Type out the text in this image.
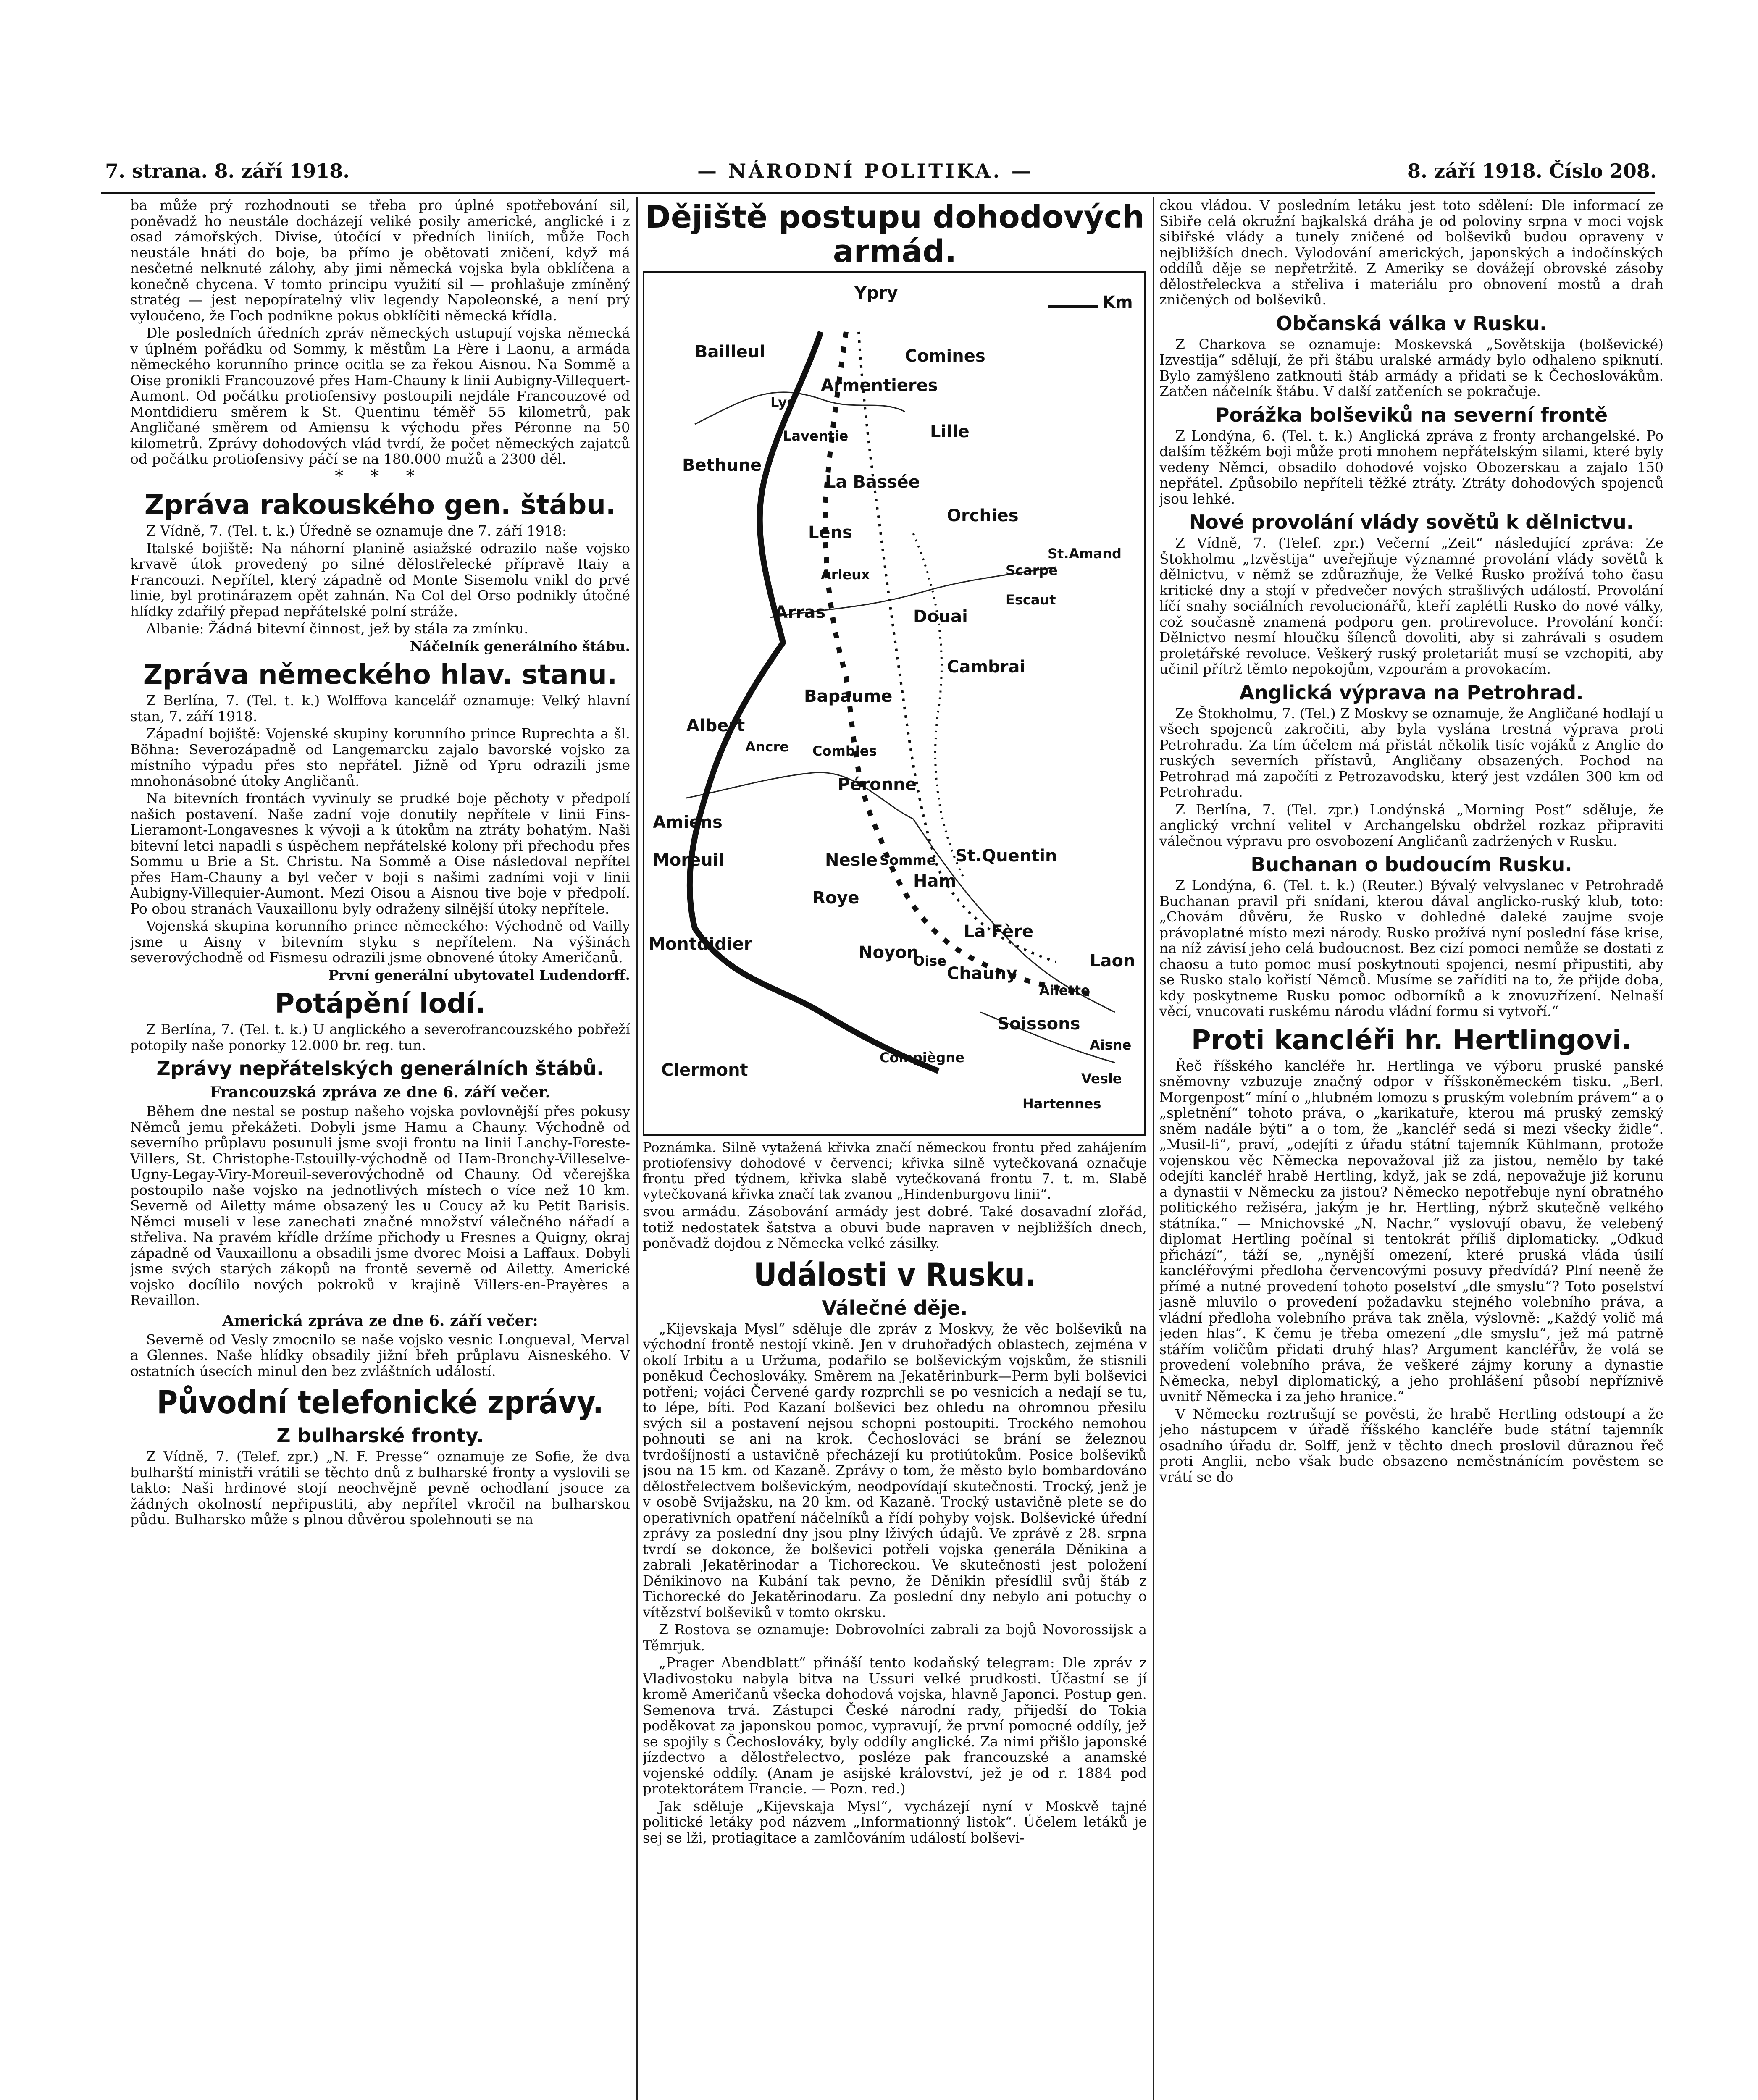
7. strana. 8. září 1918.	— NÁRODNÍ POLITIKA. —	8. září 1918. Číslo 208.

ba může prý rozhodnouti se třeba pro úplné spotřebování sil, poněvadž ho neustále docházejí veliké posily americké, anglické i z osad zámořských. Divise, útočící v předních liniích, může Foch neustále hnáti do boje, ba přímo je obětovati zničení, když má nesčetné nelknuté zálohy, aby jimi německá vojska byla obklíčena a konečně chycena. V tomto principu využití sil — prohlašuje zmíněný stratég — jest nepopíratelný vliv legendy Napoleonské, a není prý vyloučeno, že Foch podnikne pokus obklíčiti německá křídla.

Dle posledních úředních zpráv německých ustupují vojska německá v úplném pořádku od Sommy, k městům La Fère i Laonu, a armáda německého korunního prince ocitla se za řekou Aisnou. Na Sommě a Oise pronikli Francouzové přes Ham-Chauny k linii Aubigny-Villequert-Aumont. Od počátku protiofensivy postoupili nejdále Francouzové od Montdidieru směrem k St. Quentinu téměř 55 kilometrů, pak Angličané směrem od Amiensu k východu přes Péronne na 50 kilometrů. Zprávy dohodových vlád tvrdí, že počet německých zajatců od počátku protiofensivy páčí se na 180.000 mužů a 2300 děl.

* * *
Zpráva rakouského gen. štábu.

Z Vídně, 7. (Tel. t. k.) Úředně se oznamuje dne 7. září 1918:

Italské bojiště: Na náhorní planině asiažské odrazilo naše vojsko krvavě útok provedený po silné dělostřelecké přípravě Itaiy a Francouzi. Nepřítel, který západně od Monte Sisemolu vnikl do prvé linie, byl protinárazem opět zahnán. Na Col del Orso podnikly útočné hlídky zdařilý přepad nepřátelské polní stráže.

Albanie: Žádná bitevní činnost, jež by stála za zmínku.

Náčelník generálního štábu.

Zpráva německého hlav. stanu.

Z Berlína, 7. (Tel. t. k.) Wolffova kancelář oznamuje: Velký hlavní stan, 7. září 1918.

Západní bojiště: Vojenské skupiny korunního prince Ruprechta a šl. Böhna: Severozápadně od Langemarcku zajalo bavorské vojsko za místního výpadu přes sto nepřátel. Jižně od Ypru odrazili jsme mnohonásobné útoky Angličanů.

Na bitevních frontách vyvinuly se prudké boje pěchoty v předpolí našich postavení. Naše zadní voje donutily nepřítele v linii Fins-Lieramont-Longavesnes k vývoji a k útokům na ztráty bohatým. Naši bitevní letci napadli s úspěchem nepřátelské kolony při přechodu přes Sommu u Brie a St. Christu. Na Sommě a Oise následoval nepřítel přes Ham-Chauny a byl večer v boji s našimi zadními voji v linii Aubigny-Villequier-Aumont. Mezi Oisou a Aisnou tive boje v předpolí. Po obou stranách Vauxaillonu byly odraženy silnější útoky nepřítele.

Vojenská skupina korunního prince německého: Východně od Vailly jsme u Aisny v bitevním styku s nepřítelem. Na výšinách severovýchodně od Fismesu odrazili jsme obnovené útoky Američanů.

První generální ubytovatel Ludendorff.

Potápění lodí.

Z Berlína, 7. (Tel. t. k.) U anglického a severofrancouzského pobřeží potopily naše ponorky 12.000 br. reg. tun.

Zprávy nepřátelských generálních štábů.
Francouzská zpráva ze dne 6. září večer.

Během dne nestal se postup našeho vojska povlovnější přes pokusy Němců jemu překážeti. Dobyli jsme Hamu a Chauny. Východně od severního průplavu posunuli jsme svoji frontu na linii Lanchy-Foreste-Villers, St. Christophe-Estouilly-východně od Ham-Bronchy-Villeselve-Ugny-Legay-Viry-Moreuil-severovýchodně od Chauny. Od včerejška postoupilo naše vojsko na jednotlivých místech o více než 10 km. Severně od Ailetty máme obsazený les u Coucy až ku Petit Barisis. Němci museli v lese zanechati značné množství válečného nářadí a střeliva. Na pravém křídle držíme přichody u Fresnes a Quigny, okraj západně od Vauxaillonu a obsadili jsme dvorec Moisi a Laffaux. Dobyli jsme svých starých zákopů na frontě severně od Ailetty. Americké vojsko docílilo nových pokroků v krajině Villers-en-Prayères a Revaillon.

Americká zpráva ze dne 6. září večer:

Severně od Vesly zmocnilo se naše vojsko vesnic Longueval, Merval a Glennes. Naše hlídky obsadily jižní břeh průplavu Aisneského. V ostatních úsecích minul den bez zvláštních událostí.

Původní telefonické zprávy.
Z bulharské fronty.

Z Vídně, 7. (Telef. zpr.) „N. F. Presse“ oznamuje ze Sofie, že dva bulharští ministři vrátili se těchto dnů z bulharské fronty a vyslovili se takto: Naši hrdinové stojí neochvějně pevně ochodlaní jsouce za žádných okolností nepřipustiti, aby nepřítel vkročil na bulharskou půdu. Bulharsko může s plnou důvěrou spolehnouti se na

Dějiště postupu dohodových armád.
Km
Ypry
Bailleul	Comines
Lys
Armentieres
Laventie	Lille
Bethune
La Bassée
Orchies
Lens
Scarpe
St.Amand
Arleux
Arras	Douai
Escaut
Cambrai
Bapaume
Albert
Ancre Combles
Péronne
Amiens
Moreuil	St.Quentin
Nesle Somme
Ham
Roye
La Fère
Montdidier	Noyon
Oise
Chauny
Laon
Ailette
Soissons
Aisne
Compiègne
Vesle
Clermont
Hartennes

Poznámka. Silně vytažená křivka značí německou frontu před zahájením protiofensivy dohodové v červenci; křivka silně vytečkovaná označuje frontu před týdnem, křivka slabě vytečkovaná frontu 7. t. m. Slabě vytečkovaná křivka značí tak zvanou „Hindenburgovu linii“.

svou armádu. Zásobování armády jest dobré. Také dosavadní zlořád, totiž nedostatek šatstva a obuvi bude napraven v nejbližších dnech, poněvadž dojdou z Německa velké zásilky.

Události v Rusku.
Válečné děje.

„Kijevskaja Mysl“ sděluje dle zpráv z Moskvy, že věc bolševiků na východní frontě nestojí vkině. Jen v druhořadých oblastech, zejména v okolí Irbitu a u Uržuma, podařilo se bolševickým vojskům, že stisnili poněkud Čechoslováky. Směrem na Jekatěrinburk—Perm byli bolševici potřeni; vojáci Červené gardy rozprchli se po vesnicích a nedají se tu, to lépe, bíti. Pod Kazaní bolševici bez ohledu na ohromnou přesilu svých sil a postavení nejsou schopni postoupiti. Trockého nemohou pohnouti se ani na krok. Čechoslováci se brání se železnou tvrdošíjností a ustavičně přecházejí ku protiútokům. Posice bolševiků jsou na 15 km. od Kazaně. Zprávy o tom, že město bylo bombardováno dělostřelectvem bolševickým, neodpovídají skutečnosti. Trocký, jenž je v osobě Svijažsku, na 20 km. od Kazaně. Trocký ustavičně plete se do operativních opatření náčelníků a řídí pohyby vojsk. Bolševické úřední zprávy za poslední dny jsou plny lživých údajů. Ve zprávě z 28. srpna tvrdí se dokonce, že bolševici potřeli vojska generála Děnikina a zabrali Jekatěrinodar a Tichoreckou. Ve skutečnosti jest položení Děnikinovo na Kubání tak pevno, že Děnikin přesídlil svůj štáb z Tichorecké do Jekatěrinodaru. Za poslední dny nebylo ani potuchy o vítězství bolševiků v tomto okrsku.

Z Rostova se oznamuje: Dobrovolníci zabrali za bojů Novorossijsk a Těmrjuk.

„Prager Abendblatt“ přináší tento kodaňský telegram: Dle zpráv z Vladivostoku nabyla bitva na Ussuri velké prudkosti. Účastní se jí kromě Američanů všecka dohodová vojska, hlavně Japonci. Postup gen. Semenova trvá. Zástupci České národní rady, přijedší do Tokia poděkovat za japonskou pomoc, vypravují, že první pomocné oddíly, jež se spojily s Čechoslováky, byly oddíly anglické. Za nimi přišlo japonské jízdectvo a dělostřelectvo, posléze pak francouzské a anamské vojenské oddíly. (Anam je asijské království, jež je od r. 1884 pod protektorátem Francie. — Pozn. red.)

Jak sděluje „Kijevskaja Mysl“, vycházejí nyní v Moskvě tajné politické letáky pod názvem „Informationný listok“. Účelem letáků je sej se lži, protiagitace a zamlčováním událostí bolševi-

ckou vládou. V posledním letáku jest toto sdělení: Dle informací ze Sibiře celá okružní bajkalská dráha je od polovinу srpna v moci vojsk sibiřské vlády a tunely zničené od bolševiků budou opraveny v nejbližších dnech. Vylodování amerických, japonských a indočínských oddílů děje se nepřetržitě. Z Ameriky se dovážejí obrovské zásoby dělostřeleckva a střeliva i materiálu pro obnovení mostů a drah zničených od bolševiků.

Občanská válka v Rusku.

Z Charkova se oznamuje: Moskevská „Sovětskija (bolševické) Izvestija“ sdělují, že při štábu uralské armády bylo odhaleno spiknutí. Bylo zamýšleno zatknouti štáb armády a přidati se k Čechoslovákům. Zatčen náčelník štábu. V další zatčeních se pokračuje.

Porážka bolševiků na severní frontě

Z Londýna, 6. (Tel. t. k.) Anglická zpráva z fronty archangelské. Po dalším těžkém boji může proti mnohem nepřátelským silami, které byly vedeny Němci, obsadilo dohodové vojsko Obozerskau a zajalo 150 nepřátel. Způsobilo nepříteli těžké ztráty. Ztráty dohodových spojenců jsou lehké.

Nové provolání vlády sovětů k dělnictvu.

Z Vídně, 7. (Telef. zpr.) Večerní „Zeit“ následující zpráva: Ze Štokholmu „Izvěstija“ uveřejňuje významné provolání vlády sovětů k dělnictvu, v němž se zdůrazňuje, že Velké Rusko prožívá toho času kritické dny a stojí v předvečer nových strašlivých událostí. Provolání líčí snahy sociálních revolucionářů, kteří zaplétli Rusko do nové války, což současně znamená podporu gen. protirevoluce. Provolání končí: Dělnictvo nesmí hloučku šílenců dovoliti, aby si zahrávali s osudem proletářské revoluce. Veškerý ruský proletariát musí se vzchopiti, aby učinil přítrž těmto nepokojům, vzpourám a provokacím.

Anglická výprava na Petrohrad.

Ze Štokholmu, 7. (Tel.) Z Moskvy se oznamuje, že Angličané hodlají u všech spojenců zakročiti, aby byla vyslána trestná výprava proti Petrohradu. Za tím účelem má přistát několik tisíc vojáků z Anglie do ruských severních přístavů, Angličany obsazených. Pochod na Petrohrad má započíti z Petrozavodsku, který jest vzdálen 300 km od Petrohradu.

Z Berlína, 7. (Tel. zpr.) Londýnská „Morning Post“ sděluje, že anglický vrchní velitel v Archangelsku obdržel rozkaz připraviti válečnou výpravu pro osvobození Angličanů zadržených v Rusku.

Buchanan o budoucím Rusku.

Z Londýna, 6. (Tel. t. k.) (Reuter.) Bývalý velvyslanec v Petrohradě Buchanan pravil při snídani, kterou dával anglicko-ruský klub, toto: „Chovám důvěru, že Rusko v dohledné daleké zaujme svoje právoplatné místo mezi národy. Rusko prožívá nyní poslední fáse krise, na níž závisí jeho celá budoucnost. Bez cizí pomoci nemůže se dostati z chaosu a tuto pomoc musí poskytnouti spojenci, nesmí připustiti, aby se Rusko stalo kořistí Němců. Musíme se zaříditi na to, že přijde doba, kdy poskytneme Rusku pomoc odborníků a k znovuzřízení. Nelnaší věcí, vnucovati ruskému národu vládní formu si vytvoří.“

Proti kancléři hr. Hertlingovi.

Řeč říšského kancléře hr. Hertlinga ve výboru pruské panské sněmovny vzbuzuje značný odpor v říšskoněmeckém tisku. „Berl. Morgenpost“ míní o „hlubném lomozu s pruským volebním právem“ a o „spletnění“ tohoto práva, o „karikatuře, kterou má pruský zemský sněm nadále býti“ a o tom, že „kancléř sedá si mezi všecky židle“. „Musil-li“, praví, „odejíti z úřadu státní tajemník Kühlmann, protože vojenskou věc Německa nepovažoval již za jistou, nemělo by také odejíti kancléř hrabě Hertling, když, jak se zdá, nepovažuje již korunu a dynastii v Německu za jistou? Německo nepotřebuje nyní obratného politického režiséra, jakým je hr. Hertling, nýbrž skutečně velkého státníka.“ — Mnichovské „N. Nachr.“ vyslovují obavu, že velebený diplomat Hertling počínal si tentokrát příliš diplomaticky. „Odkud přichází“, táží se, „nynější omezení, které pruská vláda úsilí kancléřovými předloha červencovými posuvy předvídá? Plní neeně že přímé a nutné provedení tohoto poselství „dle smyslu“? Toto poselství jasně mluvilo o provedení požadavku stejného volebního práva, a vládní předloha volebního práva tak zněla, výslovně: „Každý volič má jeden hlas“. K čemu je třeba omezení „dle smyslu“, jež má patrně stářím voličům přidati druhý hlas? Argument kancléřův, že volá se provedení volebního práva, že veškeré zájmy koruny a dynastie Německa, nebyl diplomatický, a jeho prohlášení působí nepříznivě uvnitř Německa i za jeho hranice.“

V Německu roztrušují se pověsti, že hrabě Hertling odstoupí a že jeho nástupcem v úřadě říšského kancléře bude státní tajemník osadního úřadu dr. Solff, jenž v těchto dnech proslovil důraznou řeč proti Anglii, nebo však bude obsazeno neměstnánícím pověstem se vrátí se do
